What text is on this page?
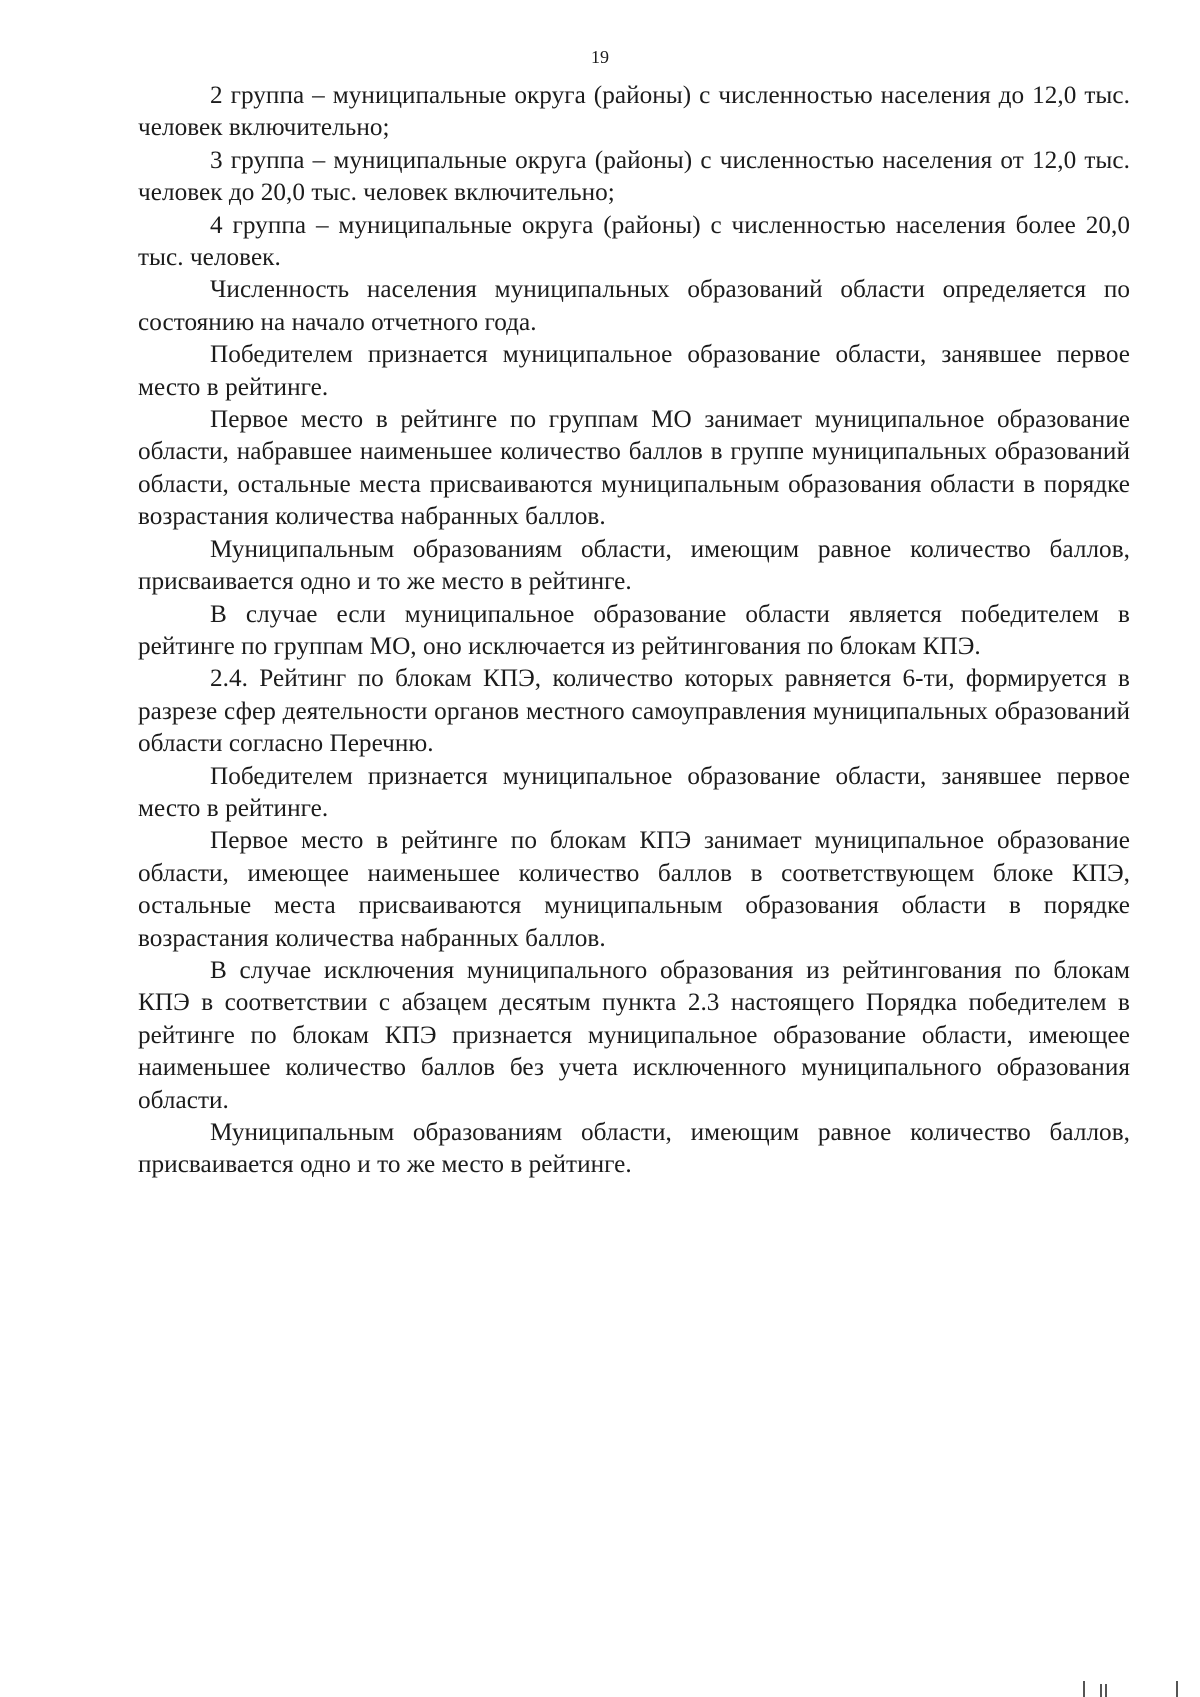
19

2 группа – муниципальные округа (районы) с численностью населения до 12,0 тыс. человек включительно;

3 группа – муниципальные округа (районы) с численностью населения от 12,0 тыс. человек до 20,0 тыс. человек включительно;

4 группа – муниципальные округа (районы) с численностью населения более 20,0 тыс. человек.

Численность населения муниципальных образований области определяется по состоянию на начало отчетного года.

Победителем признается муниципальное образование области, занявшее первое место в рейтинге.

Первое место в рейтинге по группам МО занимает муниципальное образование области, набравшее наименьшее количество баллов в группе муниципальных образований области, остальные места присваиваются муниципальным образования области в порядке возрастания количества набранных баллов.

Муниципальным образованиям области, имеющим равное количество баллов, присваивается одно и то же место в рейтинге.

В случае если муниципальное образование области является победителем в рейтинге по группам МО, оно исключается из рейтингования по блокам КПЭ.

2.4. Рейтинг по блокам КПЭ, количество которых равняется 6-ти, формируется в разрезе сфер деятельности органов местного самоуправления муниципальных образований области согласно Перечню.

Победителем признается муниципальное образование области, занявшее первое место в рейтинге.

Первое место в рейтинге по блокам КПЭ занимает муниципальное образование области, имеющее наименьшее количество баллов в соответствующем блоке КПЭ, остальные места присваиваются муниципальным образования области в порядке возрастания количества набранных баллов.

В случае исключения муниципального образования из рейтингования по блокам КПЭ в соответствии с абзацем десятым пункта 2.3 настоящего Порядка победителем в рейтинге по блокам КПЭ признается муниципальное образование области, имеющее наименьшее количество баллов без учета исключенного муниципального образования области.

Муниципальным образованиям области, имеющим равное количество баллов, присваивается одно и то же место в рейтинге.
